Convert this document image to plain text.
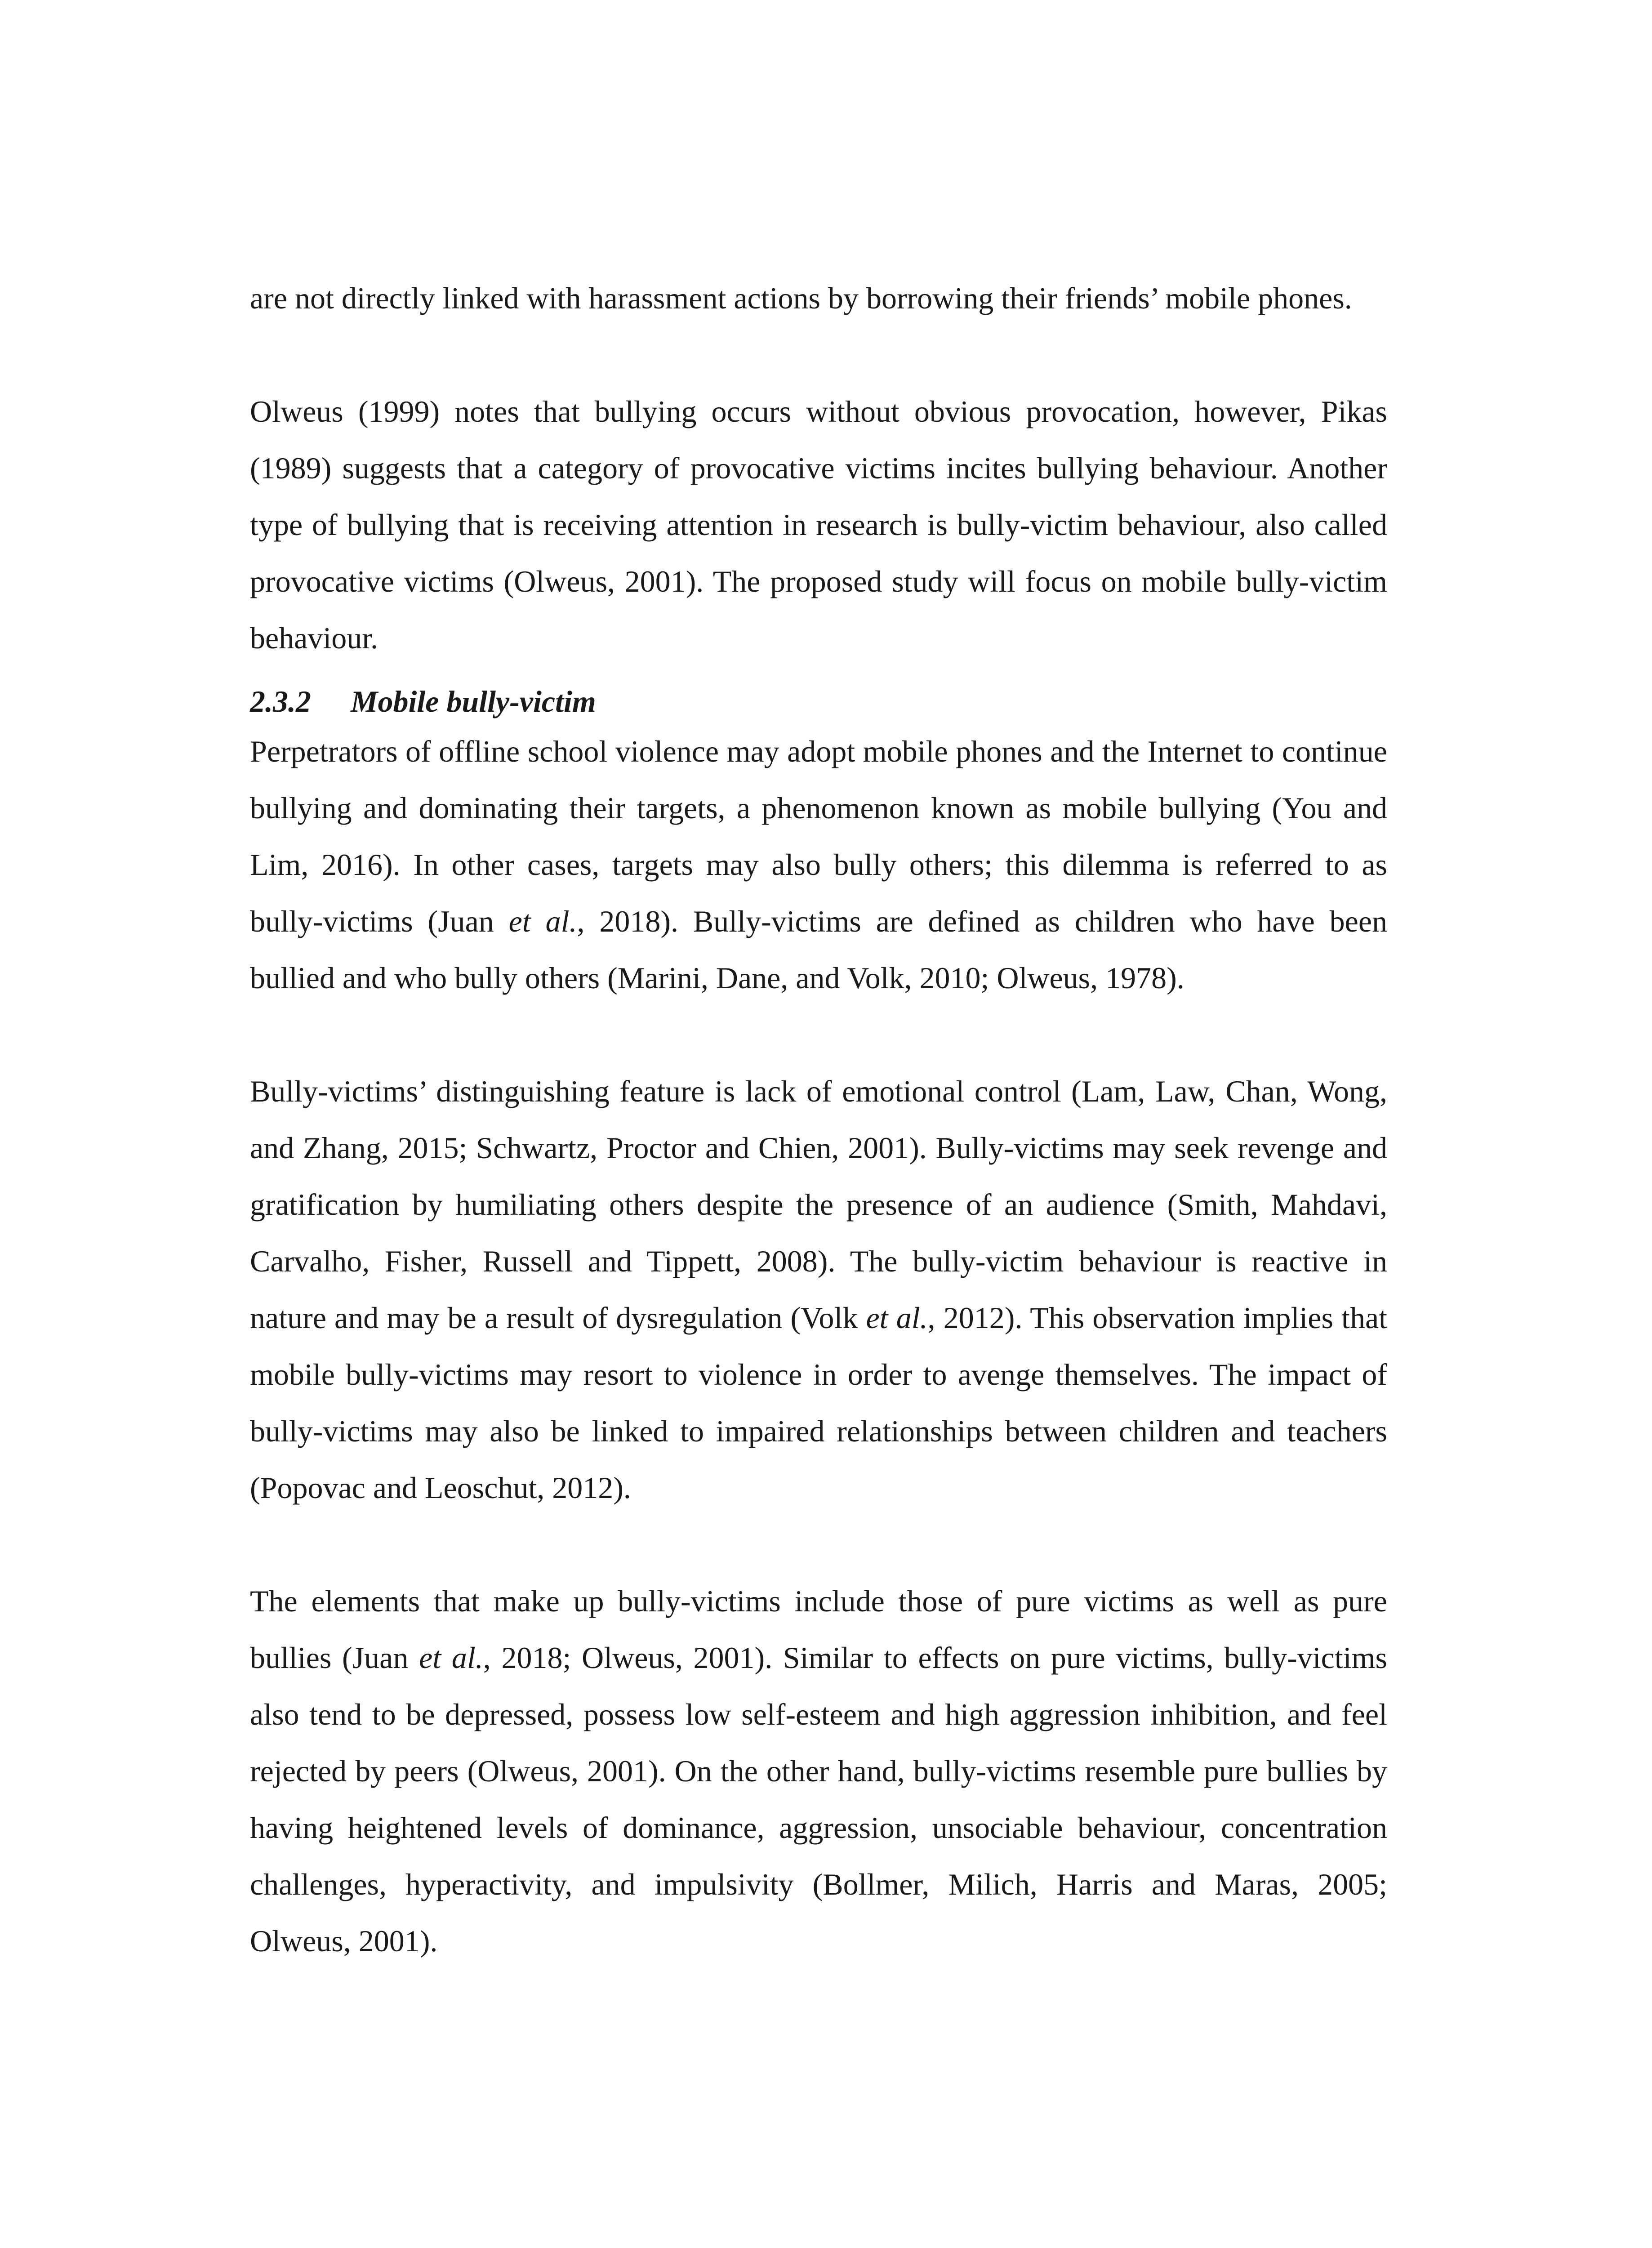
are not directly linked with harassment actions by borrowing their friends’ mobile phones.

Olweus (1999) notes that bullying occurs without obvious provocation, however, Pikas (1989) suggests that a category of provocative victims incites bullying behaviour. Another type of bullying that is receiving attention in research is bully-victim behaviour, also called provocative victims (Olweus, 2001). The proposed study will focus on mobile bully-victim behaviour.

2.3.2 Mobile bully-victim

Perpetrators of offline school violence may adopt mobile phones and the Internet to continue bullying and dominating their targets, a phenomenon known as mobile bullying (You and Lim, 2016). In other cases, targets may also bully others; this dilemma is referred to as bully-victims (Juan et al., 2018). Bully-victims are defined as children who have been bullied and who bully others (Marini, Dane, and Volk, 2010; Olweus, 1978).

Bully-victims’ distinguishing feature is lack of emotional control (Lam, Law, Chan, Wong, and Zhang, 2015; Schwartz, Proctor and Chien, 2001). Bully-victims may seek revenge and gratification by humiliating others despite the presence of an audience (Smith, Mahdavi, Carvalho, Fisher, Russell and Tippett, 2008). The bully-victim behaviour is reactive in nature and may be a result of dysregulation (Volk et al., 2012). This observation implies that mobile bully-victims may resort to violence in order to avenge themselves. The impact of bully-victims may also be linked to impaired relationships between children and teachers (Popovac and Leoschut, 2012).

The elements that make up bully-victims include those of pure victims as well as pure bullies (Juan et al., 2018; Olweus, 2001). Similar to effects on pure victims, bully-victims also tend to be depressed, possess low self-esteem and high aggression inhibition, and feel rejected by peers (Olweus, 2001). On the other hand, bully-victims resemble pure bullies by having heightened levels of dominance, aggression, unsociable behaviour, concentration challenges, hyperactivity, and impulsivity (Bollmer, Milich, Harris and Maras, 2005; Olweus, 2001).
